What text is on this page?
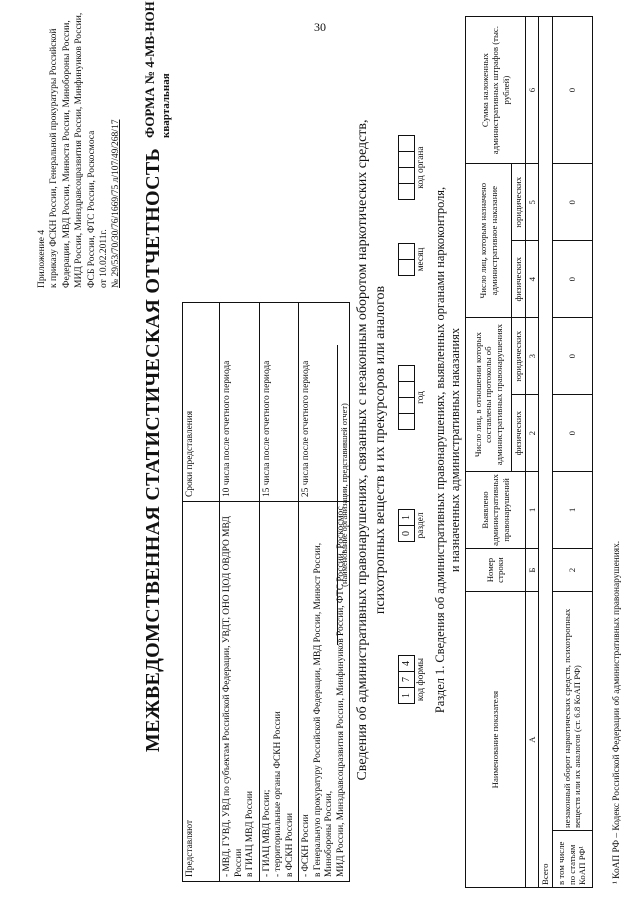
30
Приложение 4 к приказу ФСКН России, Генеральной прокуратуры Российской Федерации, МВД России, Минюста России, Минобороны России, МИД России, Минздравсоцразвития России, Минфинуиков России, ФСБ России, ФТС России, Роскосмоса от 10.02.2011г. № 29/53/70/30/76/1669/75 л/107/49/268/17 МЕЖВЕДОМСТВЕННАЯ СТАТИСТИЧЕСКАЯ ОТЧЕТНОСТЬ
ФОРМА № 4-МВ-НОН квартальная
Представляют	Сроки представления

- МВД, ГУВД, УВД по субъектам Российской Федерации, УВДТ, ОНО ЦОД ОВДРО МВД России в ГИАЦ МВД России	10 числа после отчетного периода

- ГИАЦ МВД России; - территориальные органы ФСКН России в ФСКН России	15 числа после отчетного периода

- ФСКН России в Генеральную прокуратуру Российской Федерации, МВД России, Минюст России, Минобороны России, МИД России, Минздравсоцразвития России, Минфинуиков России, ФТС России, Роскосмос	25 числа после отчетного периода	(наименование организации, представившей отчет) Сведения об административных правонарушениях, связанных с незаконным оборотом наркотических средств, психотропных веществ и их прекурсоров или аналогов
1
7
4 код формы
0
1 раздел
год
месяц
код органа
Раздел 1. Сведения об административных правонарушениях, выявленных органами наркоконтроля, и назначенных административных наказаниях
Наименование показателя		Номер строки	Выявлено административных правонарушений	Число лиц, в отношении которых составлены протоколы об административных правонарушениях		Число лиц, которым назначено административное наказание		Сумма наложенных административных штрафов (тыс. рублей)
				физических	юридических	физических	юридических	
А		Б	1	2	3	4	5	6
Всего								
в том числе по статьям КоАП РФ¹	незаконный оборот наркотических средств, психотропных веществ или их аналогов (ст. 6.8 КоАП РФ)	2	1	0	0	0	0	0
¹ КоАП РФ – Кодекс Российской Федерации об административных правонарушениях.
